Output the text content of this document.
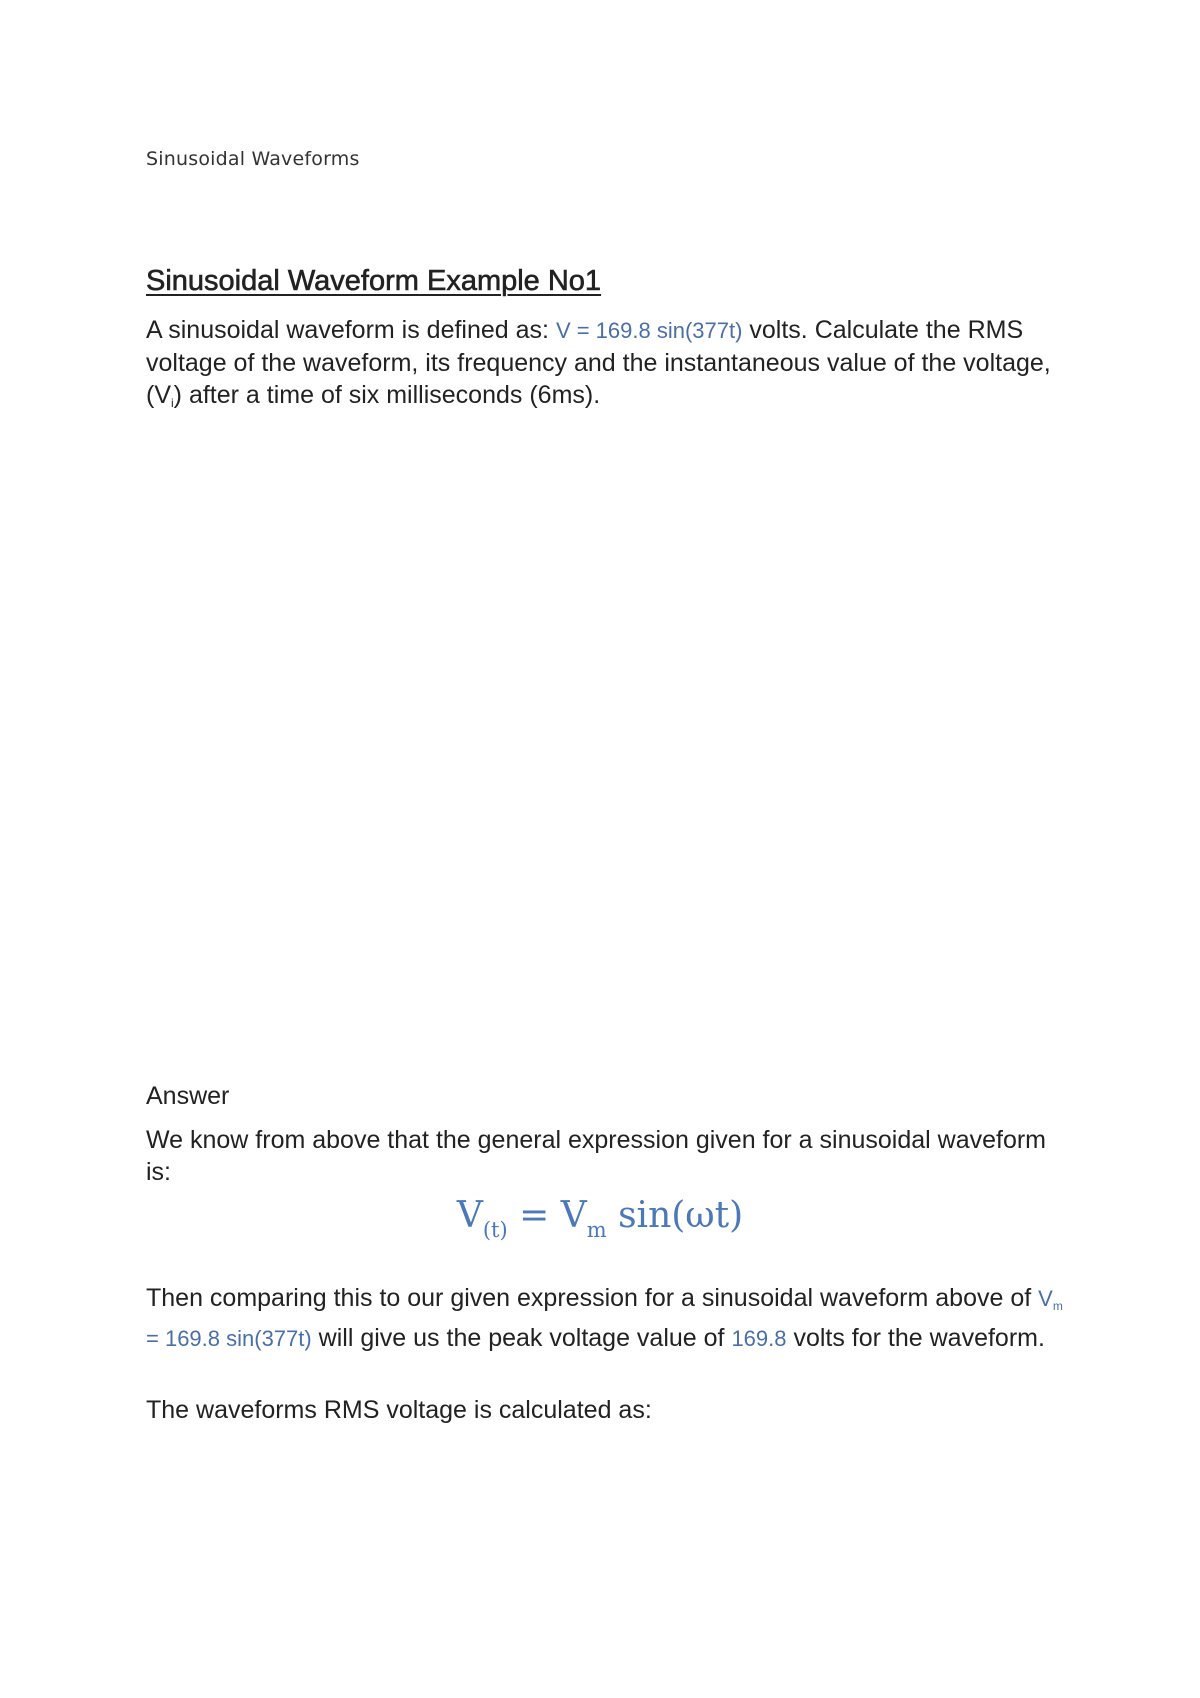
Sinusoidal Waveforms
Sinusoidal Waveform Example No1

A sinusoidal waveform is defined as: V = 169.8 sin(377t) volts. Calculate the RMS voltage of the waveform, its frequency and the instantaneous value of the voltage, $(V_i)$ after a time of six milliseconds (6ms).

Answer

We know from above that the general expression given for a sinusoidal waveform is:

$V_{(t)} = V_m$ sin(ωt)

Then comparing this to our given expression for a sinusoidal waveform above of $V_m = 169.8$ sin(377t) will give us the peak voltage value of 169.8 volts for the waveform.

The waveforms RMS voltage is calculated as:
